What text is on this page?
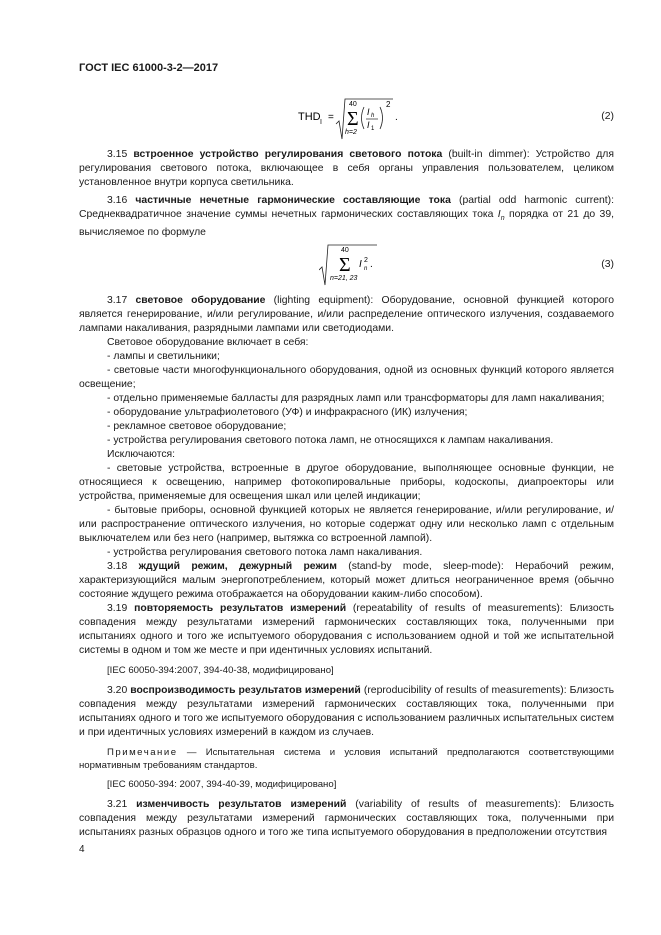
ГОСТ IEC 61000-3-2—2017
THD I =
40
Σ
h=2
I h
I 1
2
.	(2)

3.15 встроенное устройство регулирования светового потока (built-in dimmer): Устройство для регулирования светового потока, включающее в себя органы управления пользователем, целиком установленное внутри корпуса светильника.

3.16 частичные нечетные гармонические составляющие тока (partial odd harmonic current): Среднеквадратичное значение суммы нечетных гармонических составляющих тока $I_n$ порядка от 21 до 39, вычисляемое по формуле

40
Σ
n=21, 23
I n
2 .	(3)

3.17 световое оборудование (lighting equipment): Оборудование, основной функцией которого является генерирование, и/или регулирование, и/или распределение оптического излучения, создаваемого лампами накаливания, разрядными лампами или светодиодами.

Световое оборудование включает в себя:

- лампы и светильники;

- световые части многофункционального оборудования, одной из основных функций которого является освещение;

- отдельно применяемые балласты для разрядных ламп или трансформаторы для ламп накаливания;

- оборудование ультрафиолетового (УФ) и инфракрасного (ИК) излучения;

- рекламное световое оборудование;

- устройства регулирования светового потока ламп, не относящихся к лампам накаливания.

Исключаются:

- световые устройства, встроенные в другое оборудование, выполняющее основные функции, не относящиеся к освещению, например фотокопировальные приборы, кодоскопы, диапроекторы или устройства, применяемые для освещения шкал или целей индикации;

- бытовые приборы, основной функцией которых не является генерирование, и/или регулирование, и/или распространение оптического излучения, но которые содержат одну или несколько ламп с отдельным выключателем или без него (например, вытяжка со встроенной лампой).

- устройства регулирования светового потока ламп накаливания.

3.18 ждущий режим, дежурный режим (stand-by mode, sleep-mode): Нерабочий режим, характеризующийся малым энергопотреблением, который может длиться неограниченное время (обычно состояние ждущего режима отображается на оборудовании каким-либо способом).

3.19 повторяемость результатов измерений (repeatability of results of measurements): Близость совпадения между результатами измерений гармонических составляющих тока, полученными при испытаниях одного и того же испытуемого оборудования с использованием одной и той же испытательной системы в одном и том же месте и при идентичных условиях испытаний.

[IEC 60050-394:2007, 394-40-38, модифицировано]

3.20 воспроизводимость результатов измерений (reproducibility of results of measurements): Близость совпадения между результатами измерений гармонических составляющих тока, полученными при испытаниях одного и того же испытуемого оборудования с использованием различных испытательных систем и при идентичных условиях измерений в каждом из случаев.

Примечание — Испытательная система и условия испытаний предполагаются соответствующими нормативным требованиям стандартов.

[IEC 60050-394: 2007, 394-40-39, модифицировано]

3.21 изменчивость результатов измерений (variability of results of measurements): Близость совпадения между результатами измерений гармонических составляющих тока, полученными при испытаниях разных образцов одного и того же типа испытуемого оборудования в предположении отсутствия

4
